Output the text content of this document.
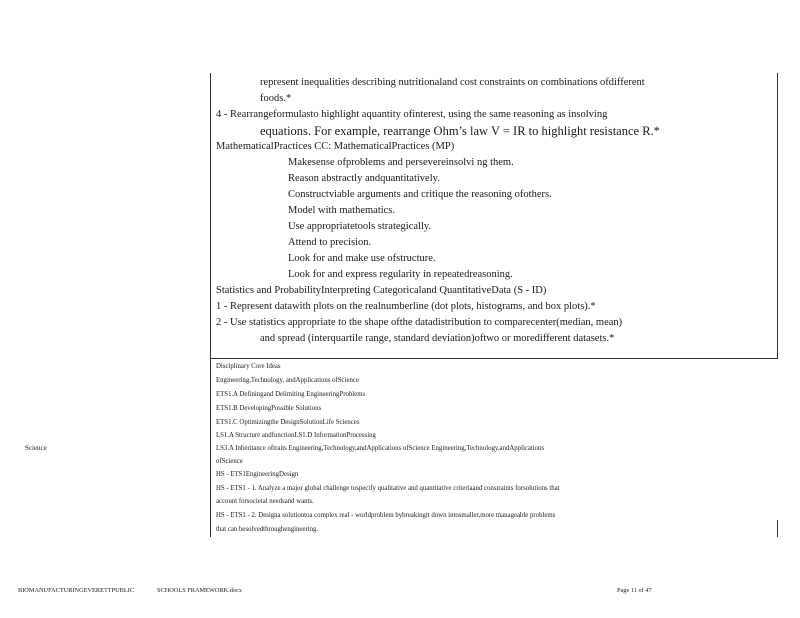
represent inequalities describing nutritionaland cost constraints on combinations ofdifferent
foods.*
4 - Rearrangeformulasto highlight aquantity ofinterest, using the same reasoning as insolving
equations. For example, rearrange Ohm’s law V = IR to highlight resistance R.*
MathematicalPractices CC: MathematicalPractices (MP)
Makesense ofproblems and persevereinsolvi ng them.
Reason abstractly andquantitatively.
Constructviable arguments and critique the reasoning ofothers.
Model with mathematics.
Use appropriatetools strategically.
Attend to precision.
Look for and make use ofstructure.
Look for and express regularity in repeatedreasoning.
Statistics and ProbabilityInterpreting Categoricaland QuantitativeData (S - ID)
1 - Represent datawith plots on the realnumberline (dot plots, histograms, and box plots).*
2 - Use statistics appropriate to the shape ofthe datadistribution to comparecenter(median, mean)
and spread (interquartile range, standard deviation)oftwo or moredifferent datasets.*
Science
Disciplinary Core Ideas
Engineering,Technology, andApplications ofScience
ETS1.A Definingand Delimiting EngineeringProblems
ETS1.B DevelopingPossible Solutions
ETS1.C Optimizingthe DesignSolutionLife Sciences
LS1.A Structure andfunctionLS1.D InformationProcessing
LS3.A Inheritance oftraits Engineering,Technology,andApplications ofScience Engineering,Technology,andApplications
ofScience
HS - ETS1EngineeringDesign
HS - ETS1 - 1. Analyze a major global challenge tospecify qualitative and quantitative criteriaand constraints forsolutions that
account forsocietal needsand wants.
HS - ETS1 - 2. Designa solutiontoa complex real - worldproblem bybreakingit down intosmaller,more manageable problems
that can besolvedthroughengineering.
BIOMANUFACTURINGEVERETTPUBLIC	SCHOOLS FRAMEWORK.docx	Page 11 of 47
